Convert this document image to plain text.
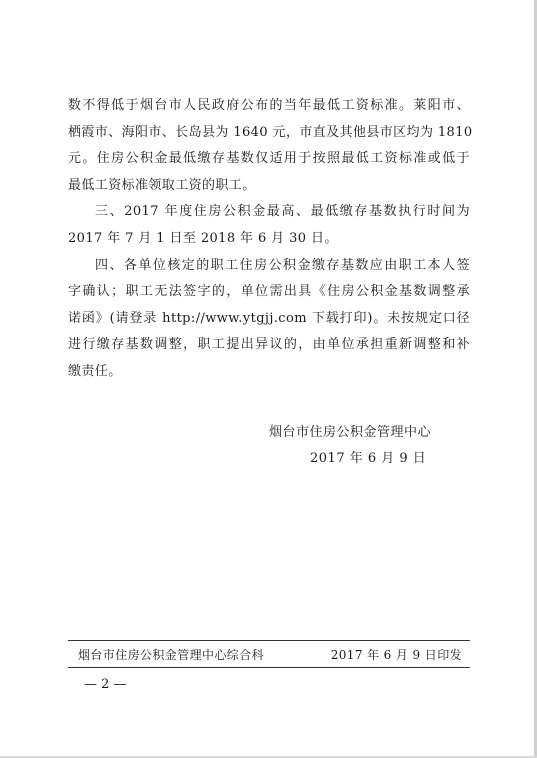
数不得低于烟台市人民政府公布的当年最低工资标准。莱阳市、
栖霞市、海阳市、长岛县为 1640 元，市直及其他县市区均为 1810
元。住房公积金最低缴存基数仅适用于按照最低工资标准或低于
最低工资标准领取工资的职工。
三、2017 年度住房公积金最高、最低缴存基数执行时间为
2017 年 7 月 1 日至 2018 年 6 月 30 日。
四、各单位核定的职工住房公积金缴存基数应由职工本人签
字确认；职工无法签字的，单位需出具《住房公积金基数调整承
诺函》(请登录 http://www.ytgjj.com 下载打印)。未按规定口径
进行缴存基数调整，职工提出异议的，由单位承担重新调整和补
缴责任。
烟台市住房公积金管理中心
2017 年 6 月 9 日
烟台市住房公积金管理中心综合科	2017 年 6 月 9 日印发
— 2 —
